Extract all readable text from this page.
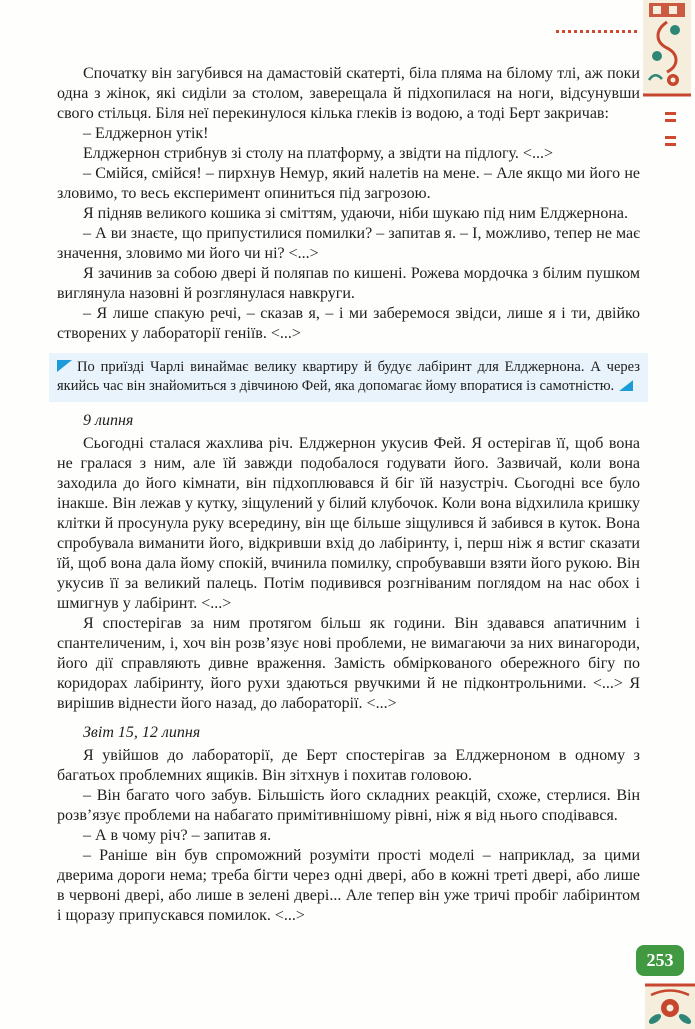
Спочатку він загубився на дамастовій скатерті, біла пляма на білому тлі, аж поки одна з жінок, які сиділи за столом, заверещала й підхопилася на ноги, відсунувши свого стільця. Біля неї перекинулося кілька глеків із водою, а тоді Берт закричав:

– Елджернон утік!

Елджернон стрибнув зі столу на платформу, а звідти на підлогу. <...>

– Смійся, смійся! – пирхнув Немур, який налетів на мене. – Але якщо ми його не зловимо, то весь експеримент опиниться під загрозою.

Я підняв великого кошика зі сміттям, удаючи, ніби шукаю під ним Елджернона.

– А ви знаєте, що припустилися помилки? – запитав я. – І, можливо, тепер не має значення, зловимо ми його чи ні? <...>

Я зачинив за собою двері й поляпав по кишені. Рожева мордочка з білим пушком виглянула назовні й розглянулася навкруги.

– Я лише спакую речі, – сказав я, – і ми заберемося звідси, лише я і ти, двійко створених у лабораторії геніїв. <...>

По приїзді Чарлі винаймає велику квартиру й будує лабіринт для Елджернона. А через якийсь час він знайомиться з дівчиною Фей, яка допомагає йому впоратися із самотністю.

9 липня

Сьогодні сталася жахлива річ. Елджернон укусив Фей. Я остерігав її, щоб вона не гралася з ним, але їй завжди подобалося годувати його. Зазвичай, коли вона заходила до його кімнати, він підхоплювався й біг їй назустріч. Сьогодні все було інакше. Він лежав у кутку, зіщулений у білий клубочок. Коли вона відхилила кришку клітки й просунула руку всередину, він ще більше зіщулився й забився в куток. Вона спробувала виманити його, відкривши вхід до лабіринту, і, перш ніж я встиг сказати їй, щоб вона дала йому спокій, вчинила помилку, спробувавши взяти його рукою. Він укусив її за великий палець. Потім подивився розгніваним поглядом на нас обох і шмигнув у лабіринт. <...>

Я спостерігав за ним протягом більш як години. Він здавався апатичним і спантеличеним, і, хоч він розв’язує нові проблеми, не вимагаючи за них винагороди, його дії справляють дивне враження. Замість обміркованого обережного бігу по коридорах лабіринту, його рухи здаються рвучкими й не підконтрольними. <...> Я вирішив віднести його назад, до лабораторії. <...>

Звіт 15, 12 липня

Я увійшов до лабораторії, де Берт спостерігав за Елджерноном в одному з багатьох проблемних ящиків. Він зітхнув і похитав головою.

– Він багато чого забув. Більшість його складних реакцій, схоже, стерлися. Він розв’язує проблеми на набагато примітивнішому рівні, ніж я від нього сподівався.

– А в чому річ? – запитав я.

– Раніше він був спроможний розуміти прості моделі – наприклад, за цими дверима дороги нема; треба бігти через одні двері, або в кожні треті двері, або лише в червоні двері, або лише в зелені двері... Але тепер він уже тричі пробіг лабіринтом і щоразу припускався помилок. <...>

253
